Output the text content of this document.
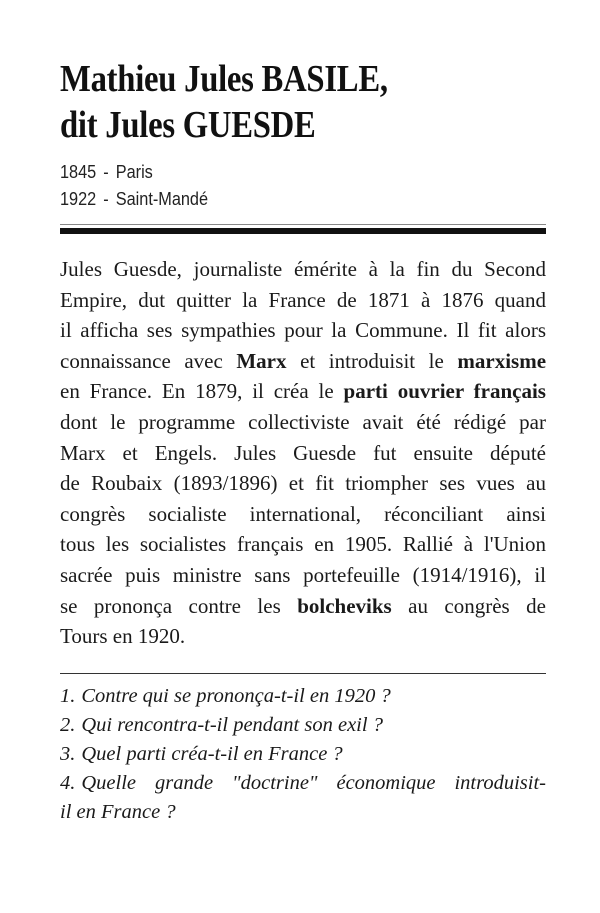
Mathieu Jules BASILE,
dit Jules GUESDE
1845 - Paris
1922 - Saint-Mandé
Jules Guesde, journaliste émérite à la fin du Second
Empire, dut quitter la France de 1871 à 1876 quand
il afficha ses sympathies pour la Commune. Il fit alors
connaissance avec Marx et introduisit le marxisme
en France. En 1879, il créa le parti ouvrier français
dont le programme collectiviste avait été rédigé par
Marx et Engels. Jules Guesde fut ensuite député
de Roubaix (1893/1896) et fit triompher ses vues au
congrès socialiste international, réconciliant ainsi
tous les socialistes français en 1905. Rallié à l'Union
sacrée puis ministre sans portefeuille (1914/1916), il
se prononça contre les bolcheviks au congrès de
Tours en 1920.
1. Contre qui se prononça-t-il en 1920 ?
2. Qui rencontra-t-il pendant son exil ?
3. Quel parti créa-t-il en France ?
4. Quelle grande "doctrine" économique introduisit-
il en France ?
